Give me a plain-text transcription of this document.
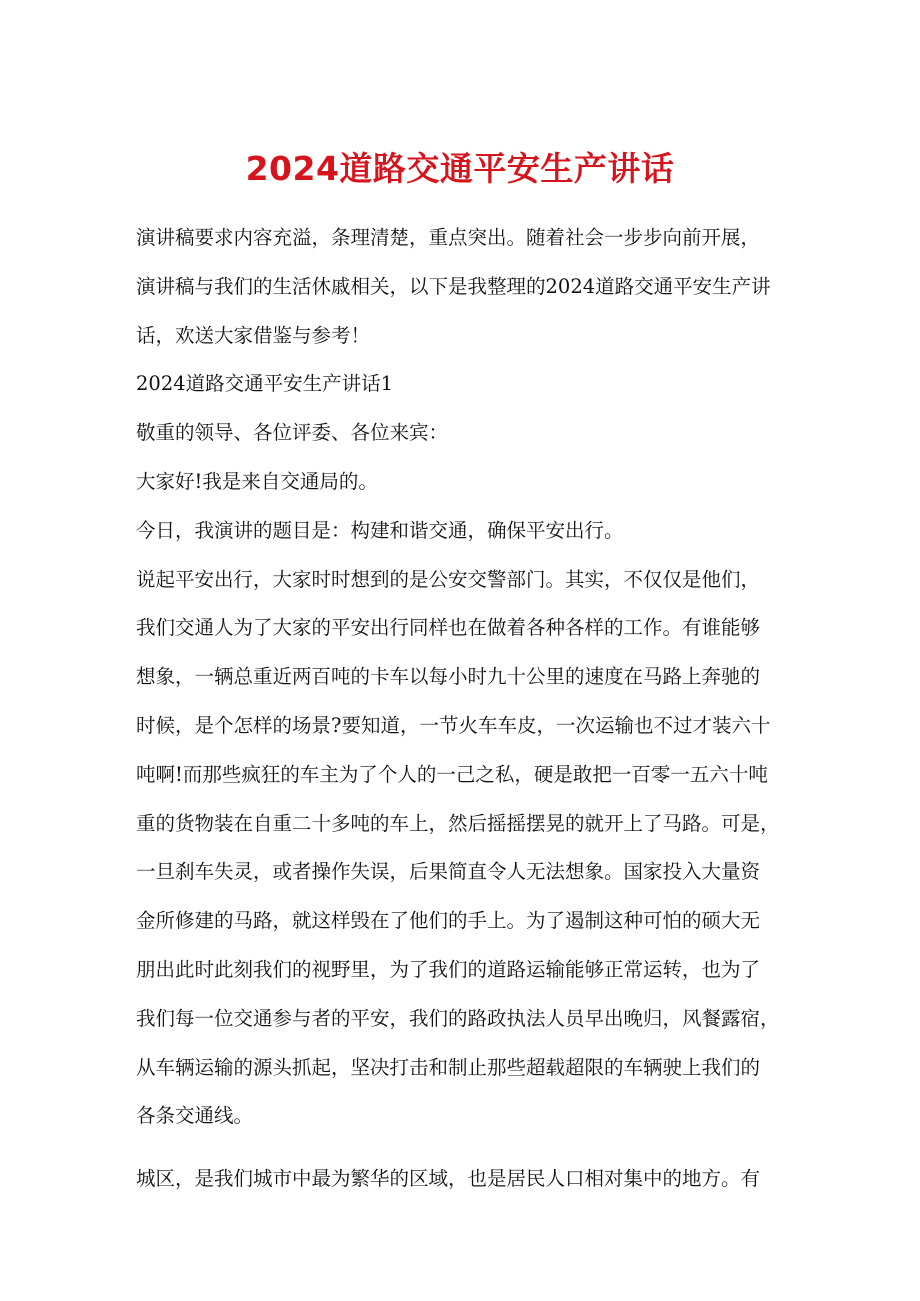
2024道路交通平安生产讲话
演讲稿要求内容充溢，条理清楚，重点突出。随着社会一步步向前开展，
演讲稿与我们的生活休戚相关，以下是我整理的2024道路交通平安生产讲
话，欢送大家借鉴与参考！
2024道路交通平安生产讲话1
敬重的领导、各位评委、各位来宾：
大家好!我是来自交通局的。
今日，我演讲的题目是：构建和谐交通，确保平安出行。
说起平安出行，大家时时想到的是公安交警部门。其实，不仅仅是他们，
我们交通人为了大家的平安出行同样也在做着各种各样的工作。有谁能够
想象，一辆总重近两百吨的卡车以每小时九十公里的速度在马路上奔驰的
时候，是个怎样的场景?要知道，一节火车车皮，一次运输也不过才装六十
吨啊!而那些疯狂的车主为了个人的一己之私，硬是敢把一百零一五六十吨
重的货物装在自重二十多吨的车上，然后摇摇摆晃的就开上了马路。可是，
一旦刹车失灵，或者操作失误，后果简直令人无法想象。国家投入大量资
金所修建的马路，就这样毁在了他们的手上。为了遏制这种可怕的硕大无
朋出此时此刻我们的视野里，为了我们的道路运输能够正常运转，也为了
我们每一位交通参与者的平安，我们的路政执法人员早出晚归，风餐露宿，
从车辆运输的源头抓起，坚决打击和制止那些超载超限的车辆驶上我们的
各条交通线。
城区，是我们城市中最为繁华的区域，也是居民人口相对集中的地方。有
